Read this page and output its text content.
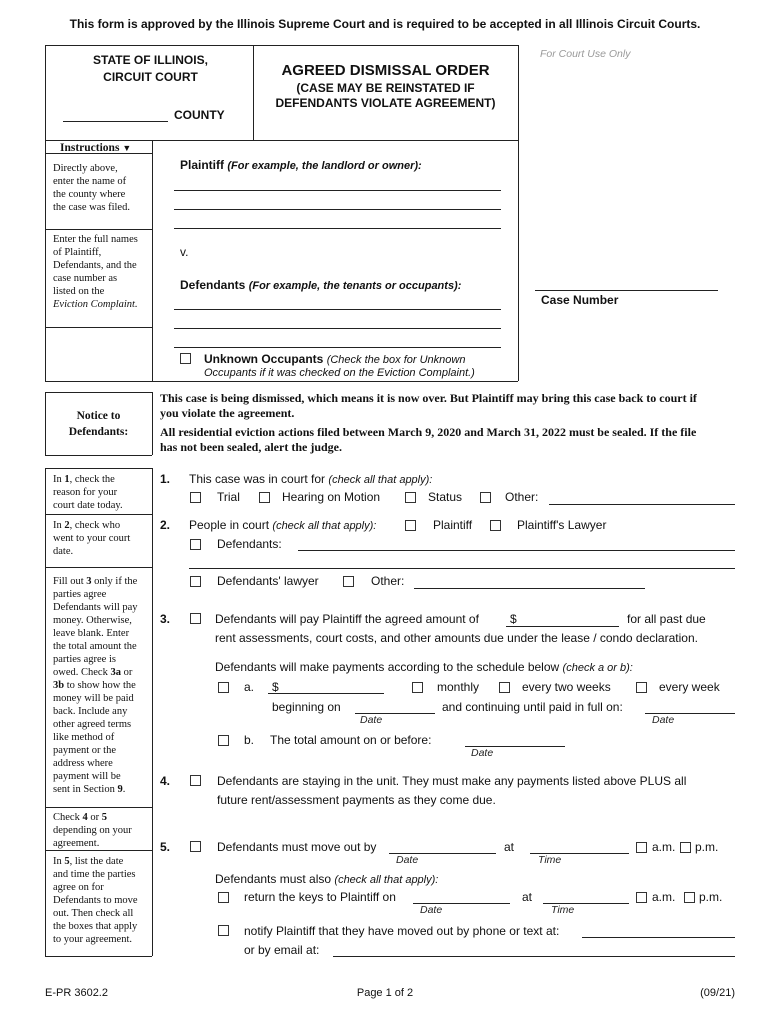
This form is approved by the Illinois Supreme Court and is required to be accepted in all Illinois Circuit Courts.
STATE OF ILLINOIS,
CIRCUIT COURT
COUNTY
AGREED DISMISSAL ORDER
(CASE MAY BE REINSTATED IF
DEFENDANTS VIOLATE AGREEMENT)
For Court Use Only
Case Number
Instructions ▼
Directly above,
enter the name of
the county where
the case was filed.
Enter the full names
of Plaintiff,
Defendants, and the
case number as
listed on the
Eviction Complaint.
Plaintiff (For example, the landlord or owner):
v.
Defendants (For example, the tenants or occupants):
Unknown Occupants (Check the box for Unknown
Occupants if it was checked on the Eviction Complaint.)
Notice to
Defendants:
This case is being dismissed, which means it is now over. But Plaintiff may bring this case back to court if
you violate the agreement.
All residential eviction actions filed between March 9, 2020 and March 31, 2022 must be sealed. If the file
has not been sealed, alert the judge.
In 1, check the
reason for your
court date today.
In 2, check who
went to your court
date.
Fill out 3 only if the
parties agree
Defendants will pay
money. Otherwise,
leave blank. Enter
the total amount the
parties agree is
owed. Check 3a or
3b to show how the
money will be paid
back. Include any
other agreed terms
like method of
payment or the
address where
payment will be
sent in Section 9.
Check 4 or 5
depending on your
agreement.
In 5, list the date
and time the parties
agree on for
Defendants to move
out. Then check all
the boxes that apply
to your agreement.
1. This case was in court for (check all that apply):
Trial	Hearing on Motion	Status	Other:
2. People in court (check all that apply):	Plaintiff	Plaintiff's Lawyer
Defendants:
Defendants' lawyer	Other:
3.	Defendants will pay Plaintiff the agreed amount of	$	for all past due
rent assessments, court costs, and other amounts due under the lease / condo declaration.
Defendants will make payments according to the schedule below (check a or b):
a. $	monthly	every two weeks	every week
beginning on
Date
and continuing until paid in full on:
Date
b. The total amount on or before:
Date
4.	Defendants are staying in the unit. They must make any payments listed above PLUS all
future rent/assessment payments as they come due.
5.	Defendants must move out by
Date
at
Time
a.m. p.m.
Defendants must also (check all that apply):
return the keys to Plaintiff on
Date
at
Time
a.m. p.m.
notify Plaintiff that they have moved out by phone or text at:
or by email at:
E-PR 3602.2	Page 1 of 2	(09/21)
